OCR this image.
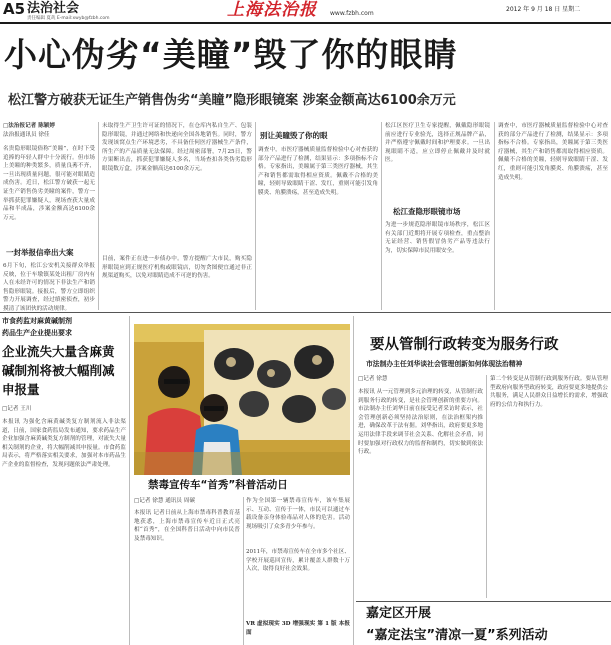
A5 法治社会
责任编辑 夏哉 E-mail:xwyb@fzbh.com	上海法治报 www.fzbh.com
2012 年 9 月 18 日 星期二
小心伪劣“美瞳”毁了你的眼睛
松江警方破获无证生产销售伪劣“美瞳”隐形眼镜案 涉案金额高达6100余万元
□法治报记者 陈颖婷
法治报通讯员 徐佳
名贵隐形眼镜俗称“美瞳”，在时下受追捧的年轻人群中十分流行。但市场上美瞳的种类繁多，质量良莠不齐，一旦出现质量问题，很可能对眼睛造成伤害。近日，松江警方破获一起无证生产销售伪劣美瞳的案件，警方一举抓获犯罪嫌疑人，现场查获大量成品和半成品，涉案金额高达6100余万元。
一封举报信牵出大案
6月下旬，松江公安机关接群众举报反映，位于车墩镇某处出租厂房内有人在未经许可的情况下非法生产和销售隐形眼镜。接报后，警方立即组织警力开展调查，经过缜密侦查，初步摸清了该团伙的活动规律。
未取得生产卫生许可证的情况下，在仓库内私自生产、包装隐形眼镜，并通过网络和快递向全国各地销售。同时，警方发现该窝点生产环境恶劣，不具备任何医疗器械生产条件，所生产的产品质量无法保障。经过周密部署，7月25日，警方果断出击，抓获犯罪嫌疑人多名，当场查扣各类伪劣隐形眼镜数万盒，涉案金额高达6100余万元。
目前，案件正在进一步侦办中。警方提醒广大市民，购买隐形眼镜应到正规医疗机构或眼镜店，切勿贪图便宜通过非正规渠道购买，以免对眼睛造成不可逆的伤害。
别让美瞳毁了你的眼
调查中，市医疗器械质量监督检验中心对查获的部分产品进行了检测，结果显示：多项指标不合格。专家指出，美瞳属于第三类医疗器械，其生产和销售都需取得相应资质。佩戴不合格的美瞳，轻则导致眼睛干涩、发红，重则可能引发角膜炎、角膜溃疡，甚至造成失明。
松江区医疗卫生专家提醒，佩戴隐形眼镜前应进行专业验光，选择正规品牌产品，并严格遵守佩戴时间和护理要求。一旦出现眼睛不适，应立即停止佩戴并及时就医。
松江查隐形眼镜市场
为进一步规范隐形眼镜市场秩序，松江区有关部门近期将开展专项检查，重点整治无证经营、销售假冒伪劣产品等违法行为，切实保障市民用眼安全。
调查中，市医疗器械质量监督检验中心对查获的部分产品进行了检测，结果显示：多项指标不合格。专家指出，美瞳属于第三类医疗器械，其生产和销售都需取得相应资质。佩戴不合格的美瞳，轻则导致眼睛干涩、发红，重则可能引发角膜炎、角膜溃疡，甚至造成失明。
市食药监对麻黄碱制剂
药品生产企业提出要求
企业流失大量含麻黄碱制剂将被大幅削减申报量
□记者 王川
本报讯 为强化含麻黄碱类复方制剂流入非法渠道，日前，国家食药监局发布通知，要求药品生产企业加强含麻黄碱类复方制剂的管理，对流失大量相关制剂的企业，将大幅削减其申报量。市食药监局表示，将严格落实相关要求，加强对本市药品生产企业的监督检查，发现问题依法严肃处理。
禁毒宣传车“首秀”科普活动日
□记者 徐慧 通讯员 周碳
本报讯 记者日前从上海市禁毒科普教育基地获悉，上海市禁毒宣传车近日正式亮相“首秀”，在全国科普日活动中向市民普及禁毒知识。
作为全国第一辆禁毒宣传车，该车集展示、互动、宣传于一体，市民可以通过车载设备亲身体验毒品对人体的危害。活动现场吸引了众多青少年参与。
2011年，市禁毒宣传车在全市多个社区、学校开展巡回宣传，累计覆盖人群数十万人次，取得良好社会效果。
VR 虚拟现实 3D 增强现实 第 1 版 本报面
要从管制行政转变为服务行政
市法制办主任刘华谈社会管理创新如何体现法治精神
□记者 徐慧
本报讯 从一元管理到多元治理的转变，从管制行政到服务行政的转变，是社会管理创新的重要方向。市法制办主任刘华日前在接受记者采访时表示，社会管理创新必须坚持法治原则，在法治框架内推进，确保改革于法有据。刘华指出，政府要更多地运用法律手段来调节社会关系、化解社会矛盾，同时要加强对行政权力的监督和制约，切实做到依法行政。
第二个转变是从管制行政到服务行政。要从管理型政府向服务型政府转变，政府要更多地提供公共服务，满足人民群众日益增长的需求，增强政府的公信力和执行力。
嘉定区开展
“嘉定法宝”清凉一夏”系列活动
